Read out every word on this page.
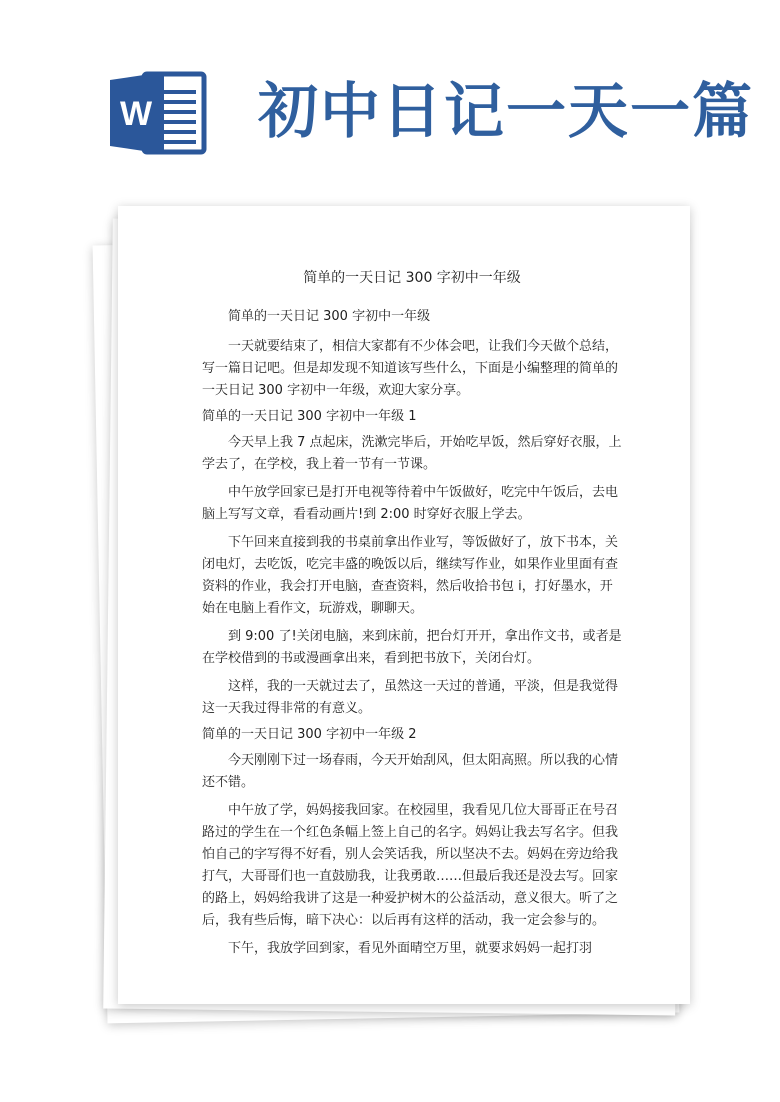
W 初中日记一天一篇
简单的一天日记 300 字初中一年级

简单的一天日记 300 字初中一年级

一天就要结束了，相信大家都有不少体会吧，让我们今天做个总结，写一篇日记吧。但是却发现不知道该写些什么，下面是小编整理的简单的一天日记 300 字初中一年级，欢迎大家分享。

简单的一天日记 300 字初中一年级 1

今天早上我 7 点起床，洗漱完毕后，开始吃早饭，然后穿好衣服，上学去了，在学校，我上着一节有一节课。

中午放学回家已是打开电视等待着中午饭做好，吃完中午饭后，去电脑上写写文章，看看动画片!到 2:00 时穿好衣服上学去。

下午回来直接到我的书桌前拿出作业写，等饭做好了，放下书本，关闭电灯，去吃饭，吃完丰盛的晚饭以后，继续写作业，如果作业里面有查资料的作业，我会打开电脑，查查资料，然后收拾书包 i，打好墨水，开始在电脑上看作文，玩游戏，聊聊天。

到 9:00 了!关闭电脑，来到床前，把台灯开开，拿出作文书，或者是在学校借到的书或漫画拿出来，看到把书放下，关闭台灯。

这样，我的一天就过去了，虽然这一天过的普通，平淡，但是我觉得这一天我过得非常的有意义。

简单的一天日记 300 字初中一年级 2

今天刚刚下过一场春雨，今天开始刮风，但太阳高照。所以我的心情还不错。

中午放了学，妈妈接我回家。在校园里，我看见几位大哥哥正在号召路过的学生在一个红色条幅上签上自己的名字。妈妈让我去写名字。但我怕自己的字写得不好看，别人会笑话我，所以坚决不去。妈妈在旁边给我打气，大哥哥们也一直鼓励我，让我勇敢……但最后我还是没去写。回家的路上，妈妈给我讲了这是一种爱护树木的公益活动，意义很大。听了之后，我有些后悔，暗下决心：以后再有这样的活动，我一定会参与的。

下午，我放学回到家，看见外面晴空万里，就要求妈妈一起打羽
